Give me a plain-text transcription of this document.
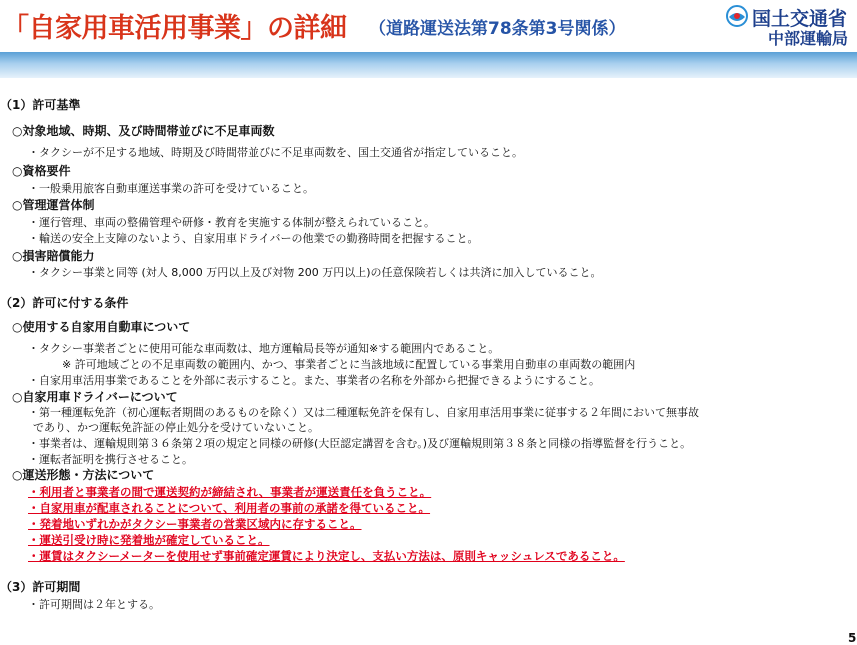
「自家用車活用事業」の詳細 （道路運送法第78条第3号関係）	国土交通省
中部運輸局
（1）許可基準
○対象地域、時期、及び時間帯並びに不足車両数
・タクシーが不足する地域、時期及び時間帯並びに不足車両数を、国土交通省が指定していること。
○資格要件
・一般乗用旅客自動車運送事業の許可を受けていること。
○管理運営体制
・運行管理、車両の整備管理や研修・教育を実施する体制が整えられていること。
・輸送の安全上支障のないよう、自家用車ドライバーの他業での勤務時間を把握すること。
○損害賠償能力
・タクシー事業と同等 (対人 8,000 万円以上及び対物 200 万円以上)の任意保険若しくは共済に加入していること。
（2）許可に付する条件
○使用する自家用自動車について
・タクシー事業者ごとに使用可能な車両数は、地方運輸局長等が通知※する範囲内であること。
※ 許可地域ごとの不足車両数の範囲内、かつ、事業者ごとに当該地域に配置している事業用自動車の車両数の範囲内
・自家用車活用事業であることを外部に表示すること。また、事業者の名称を外部から把握できるようにすること。
○自家用車ドライバーについて
・第一種運転免許（初心運転者期間のあるものを除く）又は二種運転免許を保有し、自家用車活用事業に従事する２年間において無事故
であり、かつ運転免許証の停止処分を受けていないこと。
・事業者は、運輸規則第３６条第２項の規定と同様の研修(大臣認定講習を含む。)及び運輸規則第３８条と同様の指導監督を行うこと。
・運転者証明を携行させること。
○運送形態・方法について
・利用者と事業者の間で運送契約が締結され、事業者が運送責任を負うこと。
・自家用車が配車されることについて、利用者の事前の承諾を得ていること。
・発着地いずれかがタクシー事業者の営業区域内に存すること。
・運送引受け時に発着地が確定していること。
・運賃はタクシーメーターを使用せず事前確定運賃により決定し、支払い方法は、原則キャッシュレスであること。
（3）許可期間
・許可期間は２年とする。
5
